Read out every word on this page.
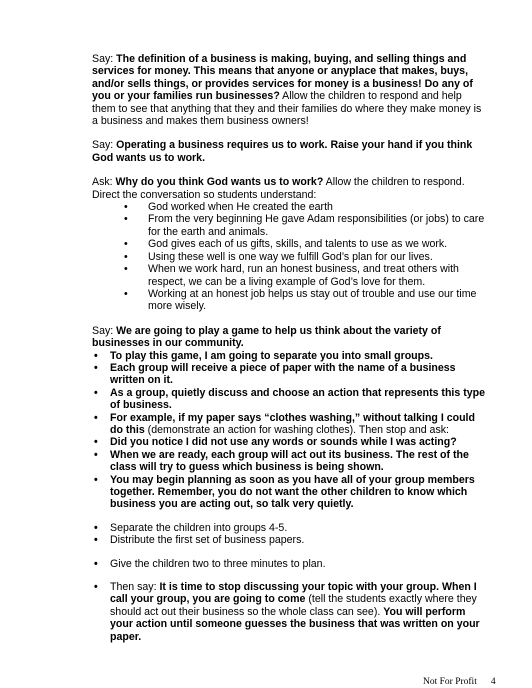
Say: The definition of a business is making, buying, and selling things and services for money. This means that anyone or anyplace that makes, buys, and/or sells things, or provides services for money is a business! Do any of you or your families run businesses? Allow the children to respond and help them to see that anything that they and their families do where they make money is a business and makes them business owners!

Say: Operating a business requires us to work. Raise your hand if you think God wants us to work.

Ask: Why do you think God wants us to work? Allow the children to respond. Direct the conversation so students understand:

• God worked when He created the earth
• From the very beginning He gave Adam responsibilities (or jobs) to care for the earth and animals.
• God gives each of us gifts, skills, and talents to use as we work.
• Using these well is one way we fulfill God’s plan for our lives.
• When we work hard, run an honest business, and treat others with respect, we can be a living example of God’s love for them.
• Working at an honest job helps us stay out of trouble and use our time more wisely.

Say: We are going to play a game to help us think about the variety of businesses in our community.

• To play this game, I am going to separate you into small groups.
• Each group will receive a piece of paper with the name of a business written on it.
• As a group, quietly discuss and choose an action that represents this type of business.
• For example, if my paper says “clothes washing,” without talking I could do this (demonstrate an action for washing clothes). Then stop and ask:
• Did you notice I did not use any words or sounds while I was acting?
• When we are ready, each group will act out its business. The rest of the class will try to guess which business is being shown.
• You may begin planning as soon as you have all of your group members together. Remember, you do not want the other children to know which business you are acting out, so talk very quietly.
• Separate the children into groups 4-5.
• Distribute the first set of business papers.
• Give the children two to three minutes to plan.
• Then say: It is time to stop discussing your topic with your group. When I call your group, you are going to come (tell the students exactly where they should act out their business so the whole class can see). You will perform your action until someone guesses the business that was written on your paper.
Not For Profit 4
